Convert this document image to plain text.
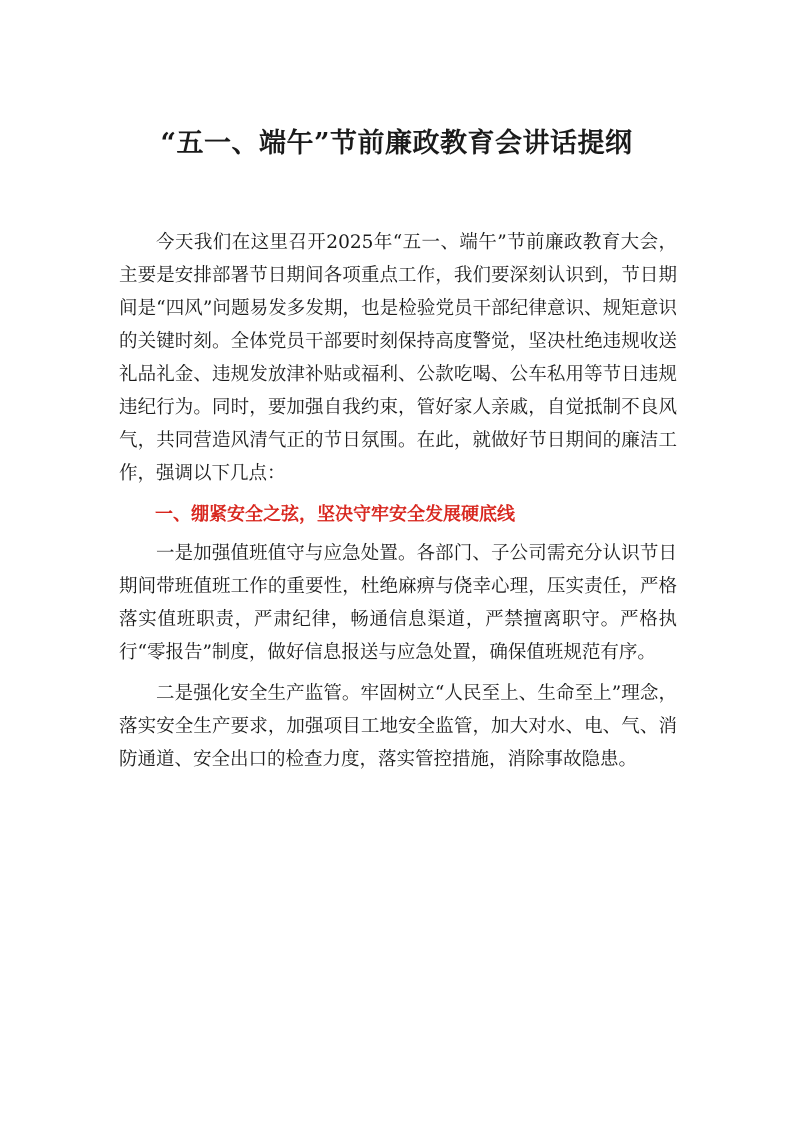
“五一、端午”节前廉政教育会讲话提纲

今天我们在这里召开2025年“五一、端午”节前廉政教育大会，主要是安排部署节日期间各项重点工作，我们要深刻认识到，节日期间是“四风”问题易发多发期，也是检验党员干部纪律意识、规矩意识的关键时刻。全体党员干部要时刻保持高度警觉，坚决杜绝违规收送礼品礼金、违规发放津补贴或福利、公款吃喝、公车私用等节日违规违纪行为。同时，要加强自我约束，管好家人亲戚，自觉抵制不良风气，共同营造风清气正的节日氛围。在此，就做好节日期间的廉洁工作，强调以下几点：

一、绷紧安全之弦，坚决守牢安全发展硬底线

一是加强值班值守与应急处置。各部门、子公司需充分认识节日期间带班值班工作的重要性，杜绝麻痹与侥幸心理，压实责任，严格落实值班职责，严肃纪律，畅通信息渠道，严禁擅离职守。严格执行“零报告”制度，做好信息报送与应急处置，确保值班规范有序。

二是强化安全生产监管。牢固树立“人民至上、生命至上”理念，落实安全生产要求，加强项目工地安全监管，加大对水、电、气、消防通道、安全出口的检查力度，落实管控措施，消除事故隐患。
